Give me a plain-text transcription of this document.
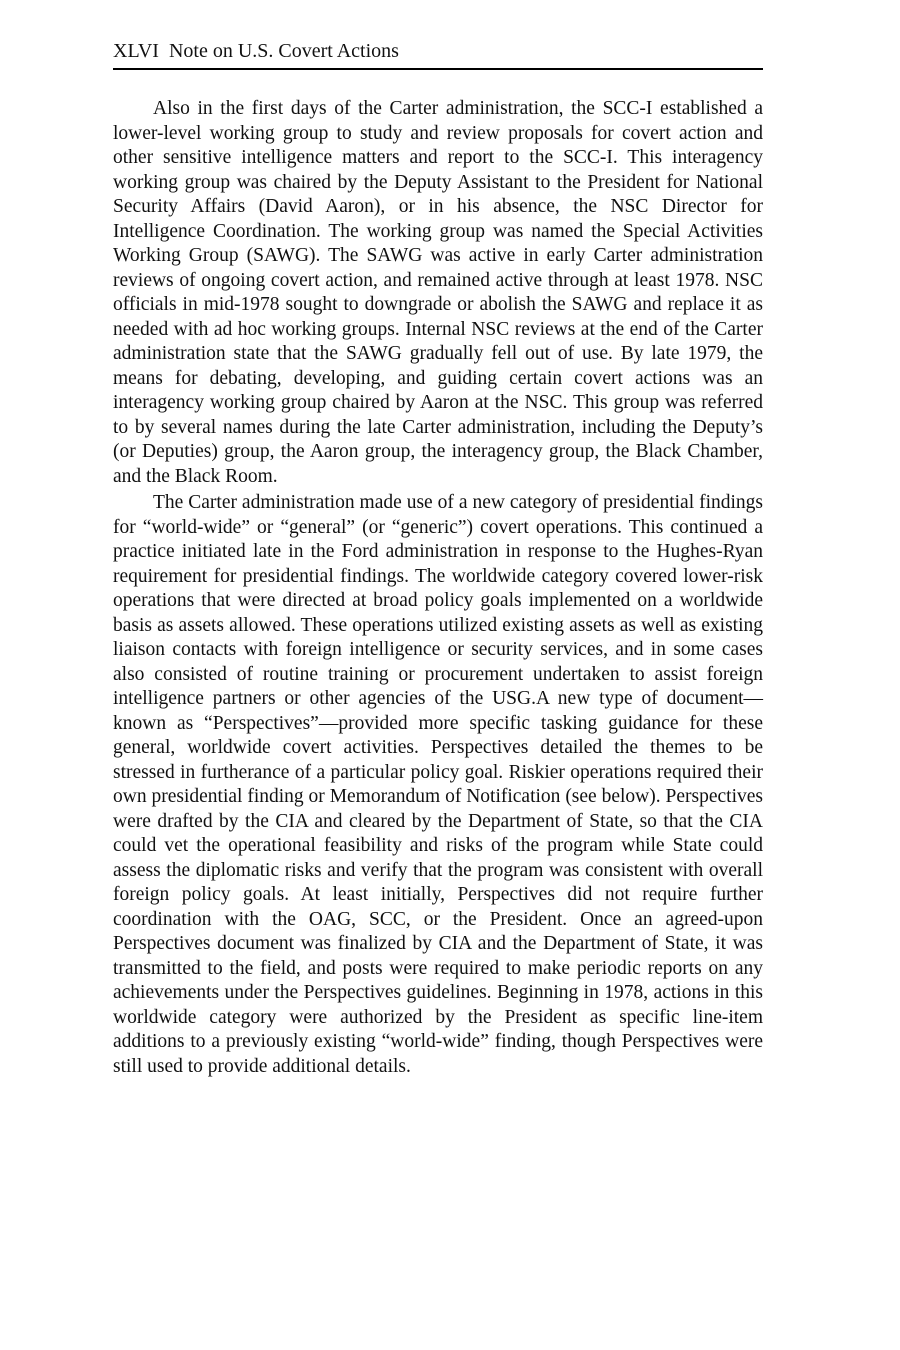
XLVI Note on U.S. Covert Actions

Also in the first days of the Carter administration, the SCC-I established a lower-level working group to study and review proposals for covert action and other sensitive intelligence matters and report to the SCC-I. This interagency working group was chaired by the Deputy Assistant to the President for National Security Affairs (David Aaron), or in his absence, the NSC Director for Intelligence Coordination. The working group was named the Special Activities Working Group (SAWG). The SAWG was active in early Carter administration reviews of ongoing covert action, and remained active through at least 1978. NSC officials in mid-1978 sought to downgrade or abolish the SAWG and replace it as needed with ad hoc working groups. Internal NSC reviews at the end of the Carter administration state that the SAWG gradually fell out of use. By late 1979, the means for debating, developing, and guiding certain covert actions was an interagency working group chaired by Aaron at the NSC. This group was referred to by several names during the late Carter administration, including the Deputy’s (or Deputies) group, the Aaron group, the interagency group, the Black Chamber, and the Black Room.

The Carter administration made use of a new category of presidential findings for “world-wide” or “general” (or “generic”) covert operations. This continued a practice initiated late in the Ford administration in response to the Hughes-Ryan requirement for presidential findings. The worldwide category covered lower-risk operations that were directed at broad policy goals implemented on a worldwide basis as assets allowed. These operations utilized existing assets as well as existing liaison contacts with foreign intelligence or security services, and in some cases also consisted of routine training or procurement undertaken to assist foreign intelligence partners or other agencies of the USG.A new type of document—known as “Perspectives”—provided more specific tasking guidance for these general, worldwide covert activities. Perspectives detailed the themes to be stressed in furtherance of a particular policy goal. Riskier operations required their own presidential finding or Memorandum of Notification (see below). Perspectives were drafted by the CIA and cleared by the Department of State, so that the CIA could vet the operational feasibility and risks of the program while State could assess the diplomatic risks and verify that the program was consistent with overall foreign policy goals. At least initially, Perspectives did not require further coordination with the OAG, SCC, or the President. Once an agreed-upon Perspectives document was finalized by CIA and the Department of State, it was transmitted to the field, and posts were required to make periodic reports on any achievements under the Perspectives guidelines. Beginning in 1978, actions in this worldwide category were authorized by the President as specific line-item additions to a previously existing “world-wide” finding, though Perspectives were still used to provide additional details.
